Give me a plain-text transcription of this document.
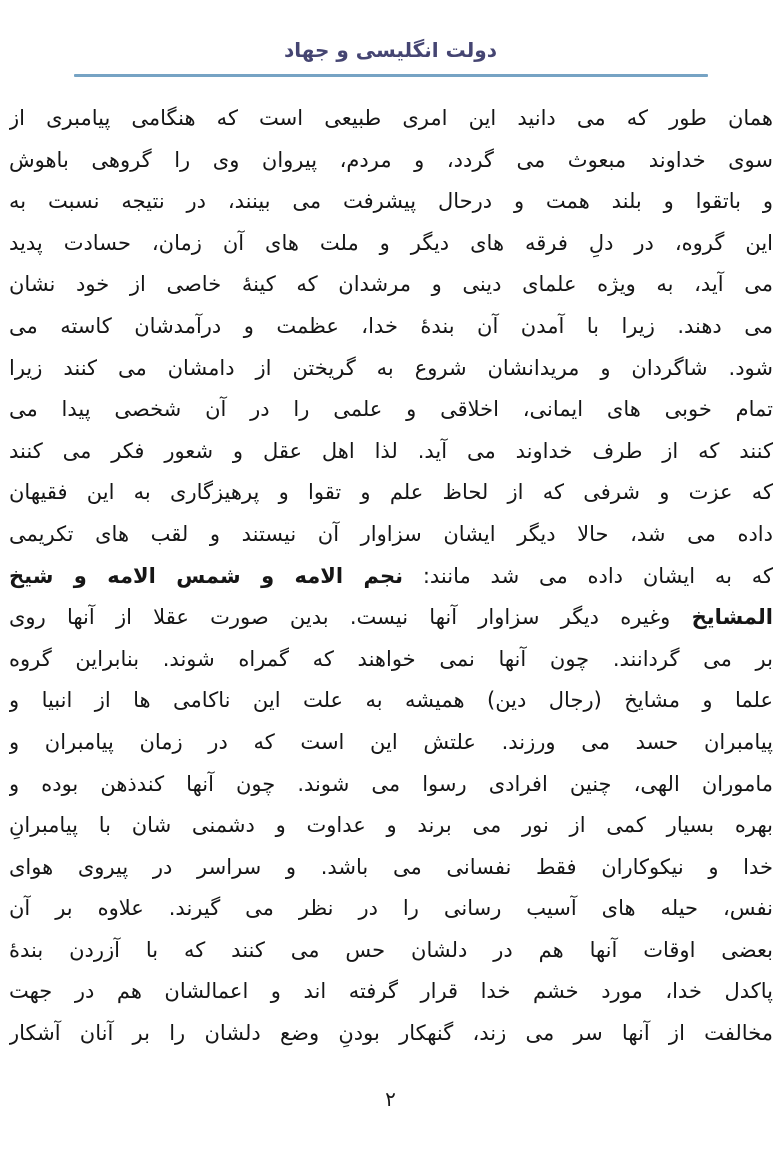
دولت انگلیسی و جهاد
همان طور که می دانید این امری طبیعی است که هنگامی پیامبری از
سوی خداوند مبعوث می گردد، و مردم، پیروان وی را گروهی باهوش
و باتقوا و بلند همت و درحال پیشرفت می بینند، در نتیجه نسبت به
این گروه، در دلِ فرقه های دیگر و ملت های آن زمان، حسادت پدید
می آید، به ویژه علمای دینی و مرشدان که کینهٔ خاصی از خود نشان
می دهند. زیرا با آمدن آن بندهٔ خدا، عظمت و درآمدشان کاسته می
شود. شاگردان و مریدانشان شروع به گریختن از دامشان می کنند زیرا
تمام خوبی های ایمانی، اخلاقی و علمی را در آن شخصی پیدا می
کنند که از طرف خداوند می آید. لذا اهل عقل و شعور فکر می کنند
که عزت و شرفی که از لحاظ علم و تقوا و پرهیزگاری به این فقیهان
داده می شد، حالا دیگر ایشان سزاوار آن نیستند و لقب های تکریمی
که به ایشان داده می شد مانند: نجم الامه و شمس الامه و شیخ
المشایخ وغیره دیگر سزاوار آنها نیست. بدین صورت عقلا از آنها روی
بر می گردانند. چون آنها نمی خواهند که گمراه شوند. بنابراین گروه
علما و مشایخ (رجال دین) همیشه به علت این ناکامی ها از انبیا و
پیامبران حسد می ورزند. علتش این است که در زمان پیامبران و
ماموران الهی، چنین افرادی رسوا می شوند. چون آنها کندذهن بوده و
بهره بسیار کمی از نور می برند و عداوت و دشمنی شان با پیامبرانِ
خدا و نیکوکاران فقط نفسانی می باشد. و سراسر در پیروی هوای
نفس، حیله های آسیب رسانی را در نظر می گیرند. علاوه بر آن
بعضی اوقات آنها هم در دلشان حس می کنند که با آزردن بندهٔ
پاکدل خدا، مورد خشم خدا قرار گرفته اند و اعمالشان هم در جهت
مخالفت از آنها سر می زند، گنهکار بودنِ وضع دلشان را بر آنان آشکار
٢
